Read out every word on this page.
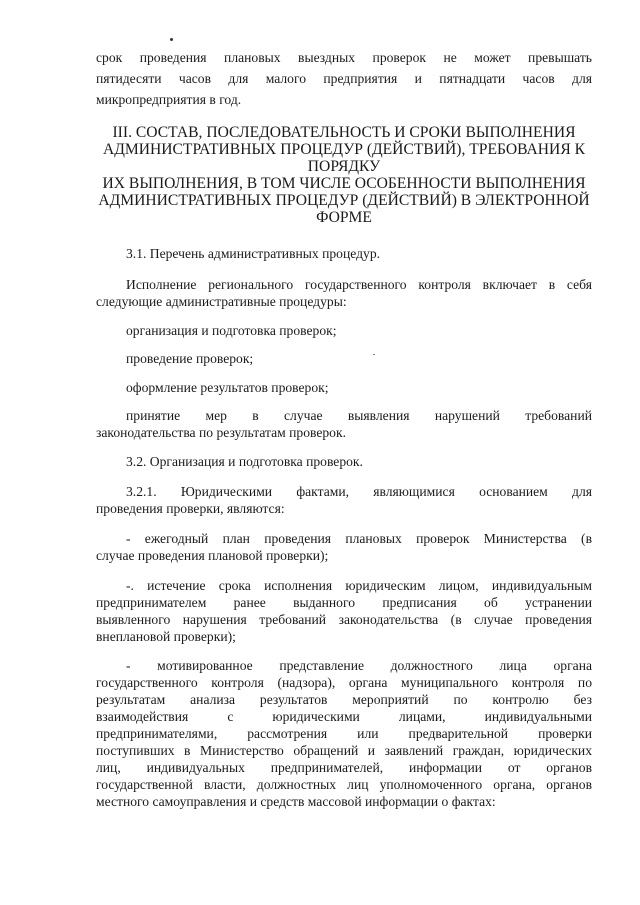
срок проведения плановых выездных проверок не может превышать
пятидесяти часов для малого предприятия и пятнадцати часов для
микропредприятия в год.
III. СОСТАВ, ПОСЛЕДОВАТЕЛЬНОСТЬ И СРОКИ ВЫПОЛНЕНИЯ
АДМИНИСТРАТИВНЫХ ПРОЦЕДУР (ДЕЙСТВИЙ), ТРЕБОВАНИЯ К
ПОРЯДКУ
ИХ ВЫПОЛНЕНИЯ, В ТОМ ЧИСЛЕ ОСОБЕННОСТИ ВЫПОЛНЕНИЯ
АДМИНИСТРАТИВНЫХ ПРОЦЕДУР (ДЕЙСТВИЙ) В ЭЛЕКТРОННОЙ
ФОРМЕ
3.1. Перечень административных процедур.
Исполнение регионального государственного контроля включает в себя
следующие административные процедуры:
организация и подготовка проверок;
проведение проверок;
оформление результатов проверок;
принятие мер в случае выявления нарушений требований
законодательства по результатам проверок.
3.2. Организация и подготовка проверок.
3.2.1. Юридическими фактами, являющимися основанием для
проведения проверки, являются:
- ежегодный план проведения плановых проверок Министерства (в
случае проведения плановой проверки);
-. истечение срока исполнения юридическим лицом, индивидуальным
предпринимателем ранее выданного предписания об устранении
выявленного нарушения требований законодательства (в случае проведения
внеплановой проверки);
- мотивированное представление должностного лица органа
государственного контроля (надзора), органа муниципального контроля по
результатам анализа результатов мероприятий по контролю без
взаимодействия с юридическими лицами, индивидуальными
предпринимателями, рассмотрения или предварительной проверки
поступивших в Министерство обращений и заявлений граждан, юридических
лиц, индивидуальных предпринимателей, информации от органов
государственной власти, должностных лиц уполномоченного органа, органов
местного самоуправления и средств массовой информации о фактах:
